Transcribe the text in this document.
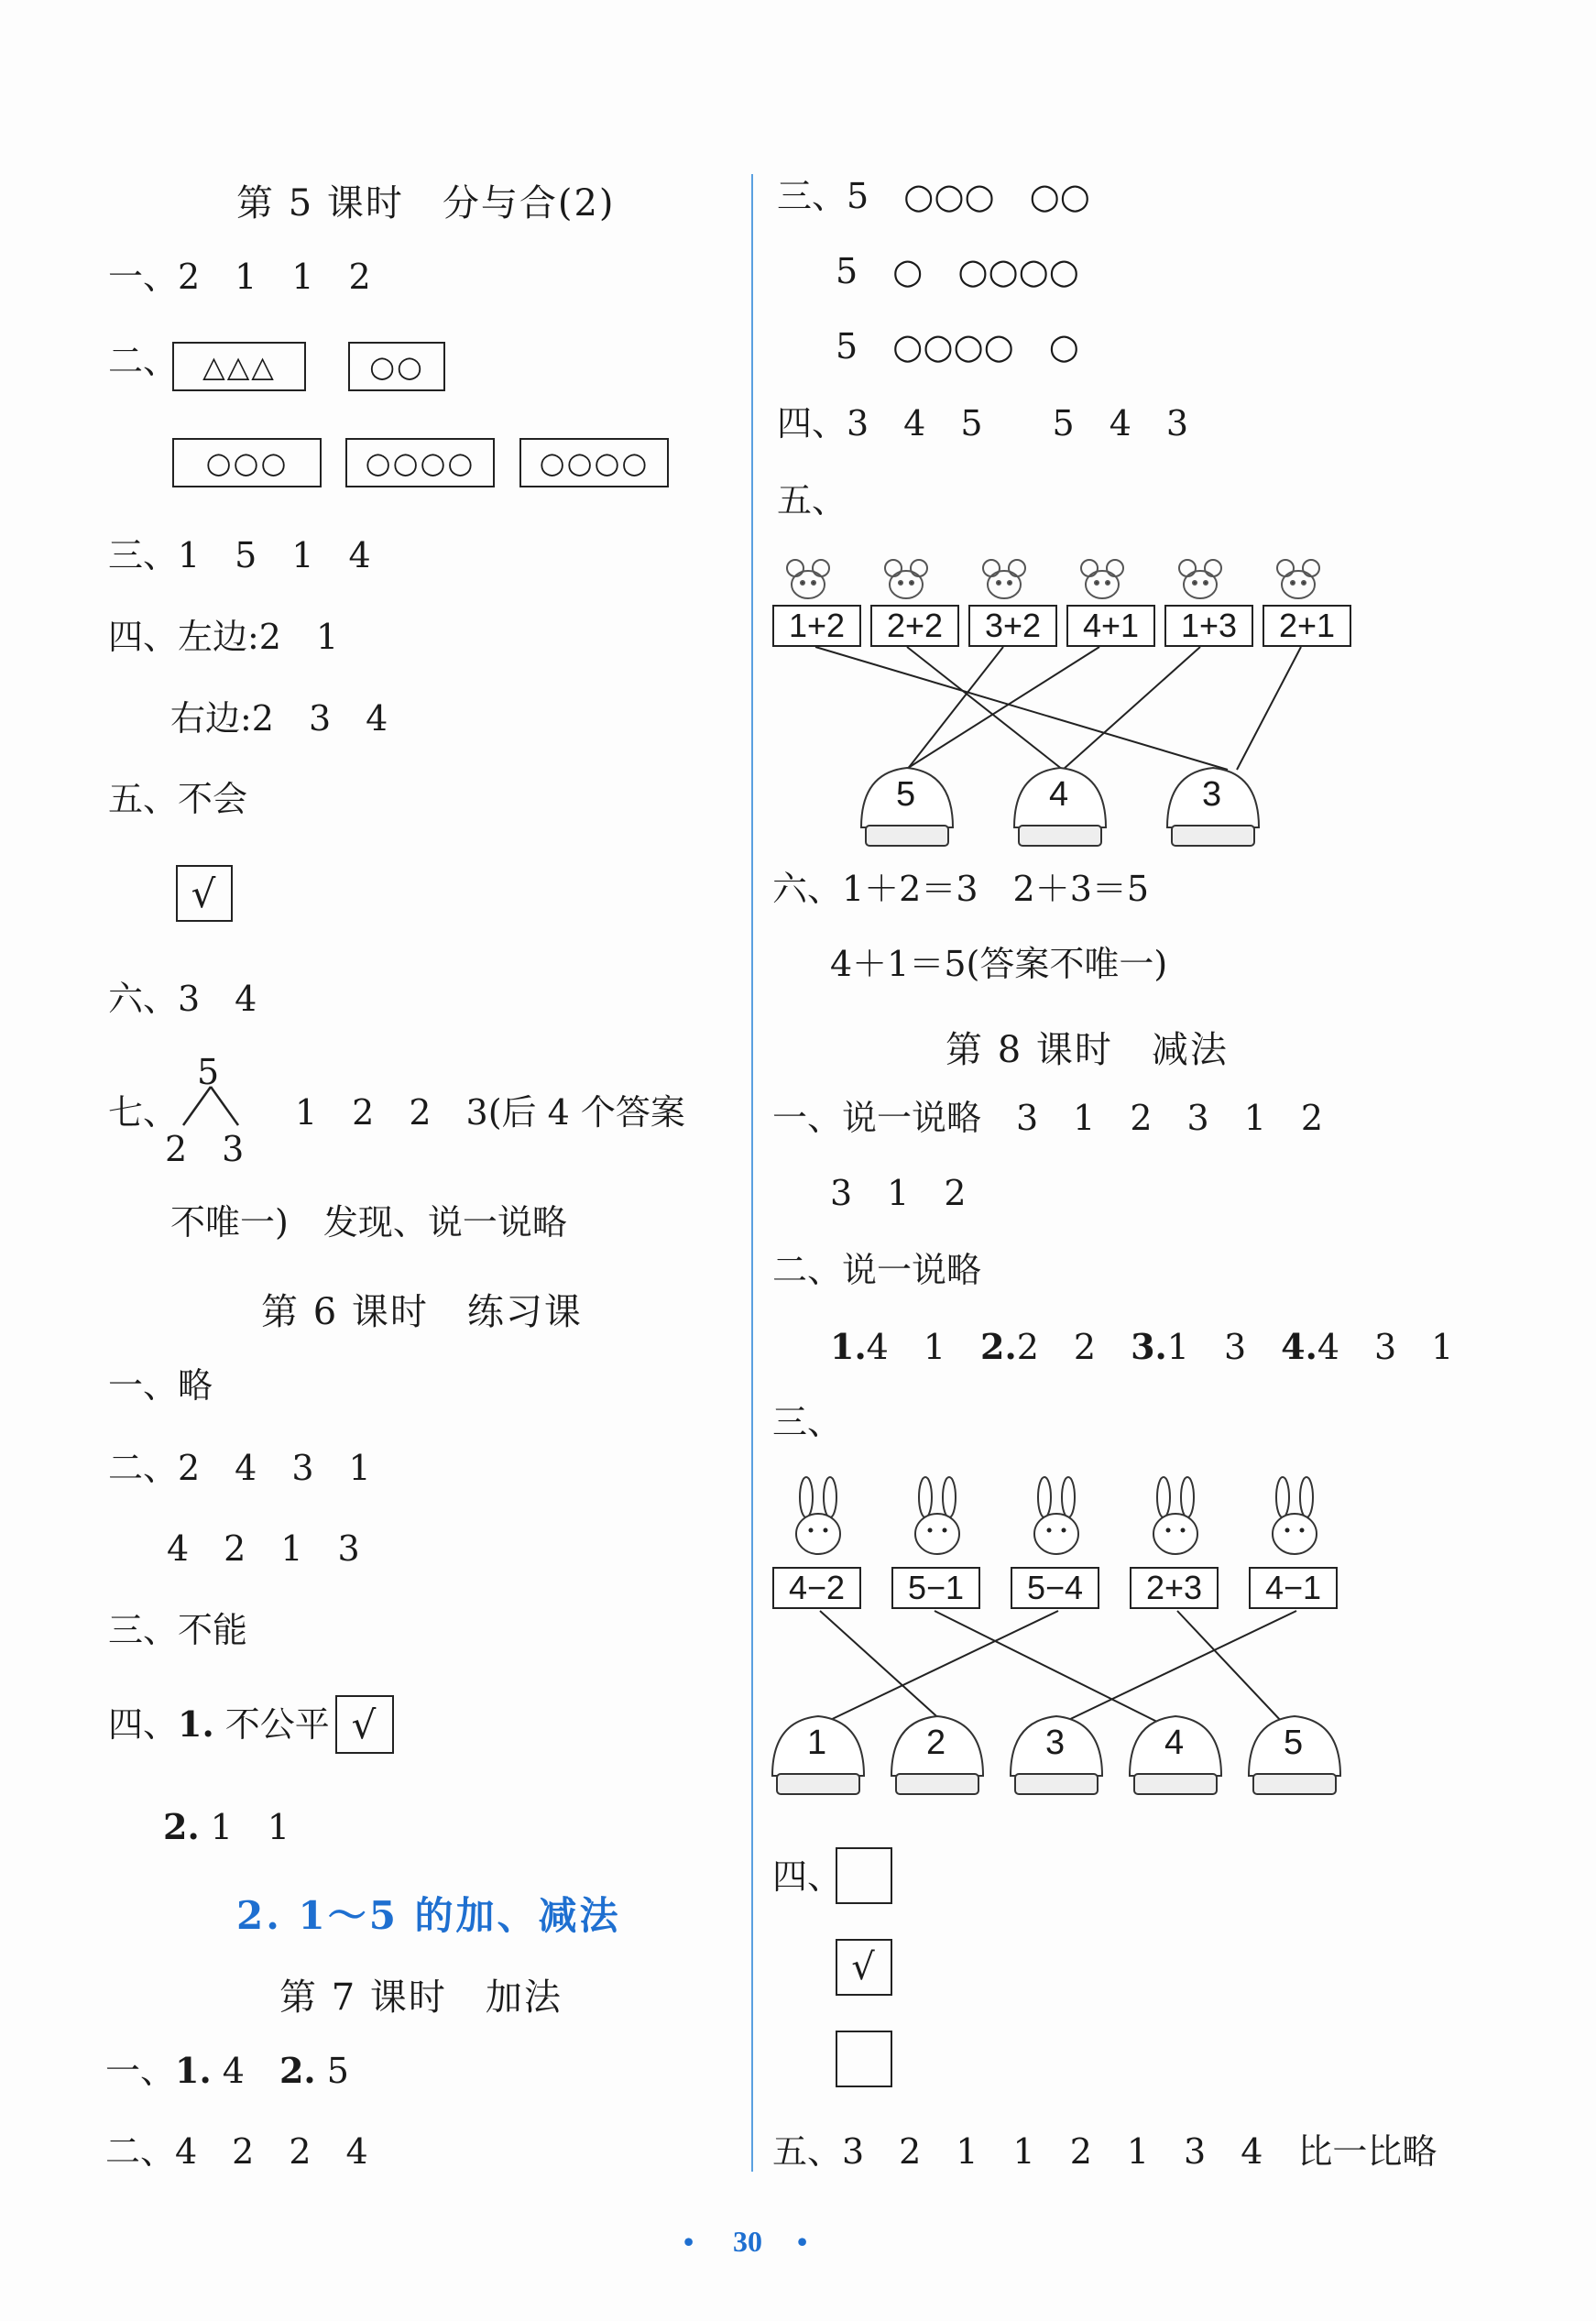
第 5 课时　分与合(2)
一、2　1　1　2
二、 △△△	○○
○○○	○○○○	○○○○
三、1　5　1　4
四、左边:2　1
右边:2　3　4
五、不会
√
六、3　4
七、
5
2　3
1　2　2　3(后 4 个答案
不唯一)　发现、说一说略
第 6 课时　练习课
一、略
二、2　4　3　1
4　2　1　3
三、不能
四、1. 不公平 √
2. 1　1
2. 1～5 的加、减法
第 7 课时　加法
一、1. 4　2. 5
二、4　2　2　4
三、5　○○○　○○
5　○　○○○○
5　○○○○　○
四、3　4　5　　5　4　3
五、
1+2	2+2	3+2	4+1	1+3	2+1
5	4	3
六、1＋2＝3　2＋3＝5
4＋1＝5(答案不唯一)
第 8 课时　减法
一、说一说略　3　1　2　3　1　2
3　1　2
二、说一说略
1.4　1　 2.2　2　 3.1　3　 4.4　3　1
三、
4−2	5−1	5−4	2+3	4−1
1	2	3	4	5
四、
√
五、3　2　1　1　2　1　3　4　比一比略
• 30 •
